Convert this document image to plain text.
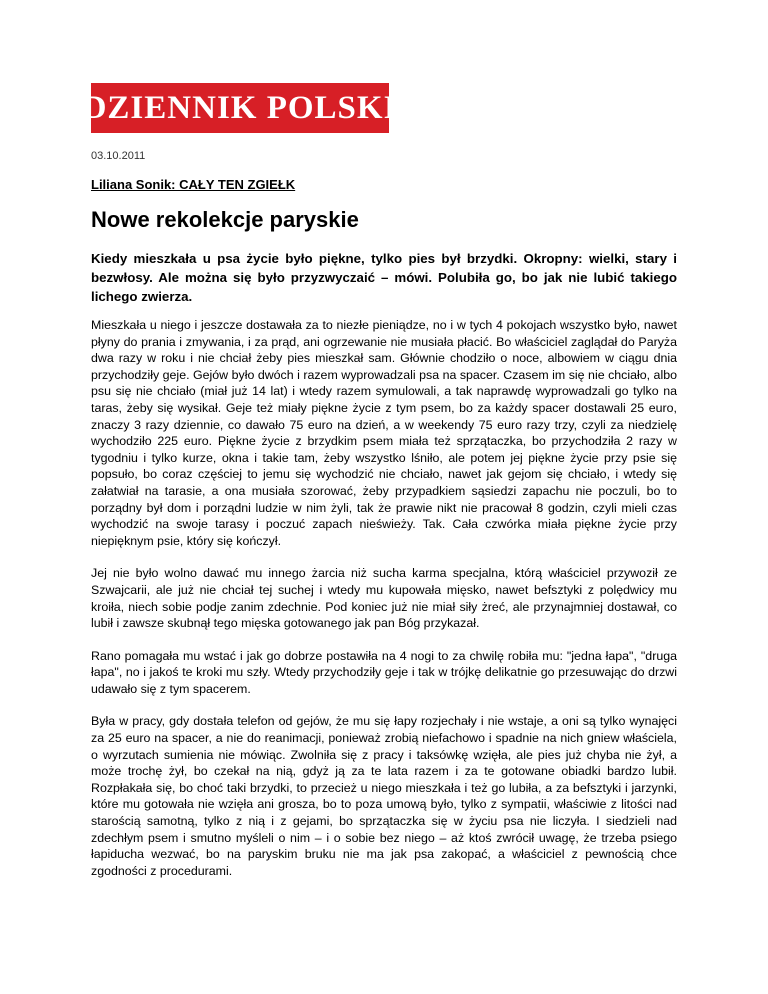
DZIENNIK POLSKI
03.10.2011
Liliana Sonik: CAŁY TEN ZGIEŁK
Nowe rekolekcje paryskie

Kiedy mieszkała u psa życie było piękne, tylko pies był brzydki. Okropny: wielki, stary i bezwłosy. Ale można się było przyzwyczaić – mówi. Polubiła go, bo jak nie lubić takiego lichego zwierza.

Mieszkała u niego i jeszcze dostawała za to niezłe pieniądze, no i w tych 4 pokojach wszystko było, nawet płyny do prania i zmywania, i za prąd, ani ogrzewanie nie musiała płacić. Bo właściciel zaglądał do Paryża dwa razy w roku i nie chciał żeby pies mieszkał sam. Głównie chodziło o noce, albowiem w ciągu dnia przychodziły geje. Gejów było dwóch i razem wyprowadzali psa na spacer. Czasem im się nie chciało, albo psu się nie chciało (miał już 14 lat) i wtedy razem symulowali, a tak naprawdę wyprowadzali go tylko na taras, żeby się wysikał. Geje też miały piękne życie z tym psem, bo za każdy spacer dostawali 25 euro, znaczy 3 razy dziennie, co dawało 75 euro na dzień, a w weekendy 75 euro razy trzy, czyli za niedzielę wychodziło 225 euro. Piękne życie z brzydkim psem miała też sprzątaczka, bo przychodziła 2 razy w tygodniu i tylko kurze, okna i takie tam, żeby wszystko lśniło, ale potem jej piękne życie przy psie się popsuło, bo coraz częściej to jemu się wychodzić nie chciało, nawet jak gejom się chciało, i wtedy się załatwiał na tarasie, a ona musiała szorować, żeby przypadkiem sąsiedzi zapachu nie poczuli, bo to porządny był dom i porządni ludzie w nim żyli, tak że prawie nikt nie pracował 8 godzin, czyli mieli czas wychodzić na swoje tarasy i poczuć zapach nieświeży. Tak. Cała czwórka miała piękne życie przy niepięknym psie, który się kończył.

Jej nie było wolno dawać mu innego żarcia niż sucha karma specjalna, którą właściciel przywoził ze Szwajcarii, ale już nie chciał tej suchej i wtedy mu kupowała mięsko, nawet befsztyki z polędwicy mu kroiła, niech sobie podje zanim zdechnie. Pod koniec już nie miał siły żreć, ale przynajmniej dostawał, co lubił i zawsze skubnął tego mięska gotowanego jak pan Bóg przykazał.

Rano pomagała mu wstać i jak go dobrze postawiła na 4 nogi to za chwilę robiła mu: "jedna łapa", "druga łapa", no i jakoś te kroki mu szły. Wtedy przychodziły geje i tak w trójkę delikatnie go przesuwając do drzwi udawało się z tym spacerem.

Była w pracy, gdy dostała telefon od gejów, że mu się łapy rozjechały i nie wstaje, a oni są tylko wynajęci za 25 euro na spacer, a nie do reanimacji, ponieważ zrobią niefachowo i spadnie na nich gniew właściela, o wyrzutach sumienia nie mówiąc. Zwolniła się z pracy i taksówkę wzięła, ale pies już chyba nie żył, a może trochę żył, bo czekał na nią, gdyż ją za te lata razem i za te gotowane obiadki bardzo lubił. Rozpłakała się, bo choć taki brzydki, to przecież u niego mieszkała i też go lubiła, a za befsztyki i jarzynki, które mu gotowała nie wzięła ani grosza, bo to poza umową było, tylko z sympatii, właściwie z litości nad starością samotną, tylko z nią i z gejami, bo sprzątaczka się w życiu psa nie liczyła. I siedzieli nad zdechłym psem i smutno myśleli o nim – i o sobie bez niego – aż ktoś zwrócił uwagę, że trzeba psiego łapiducha wezwać, bo na paryskim bruku nie ma jak psa zakopać, a właściciel z pewnością chce zgodności z procedurami.
